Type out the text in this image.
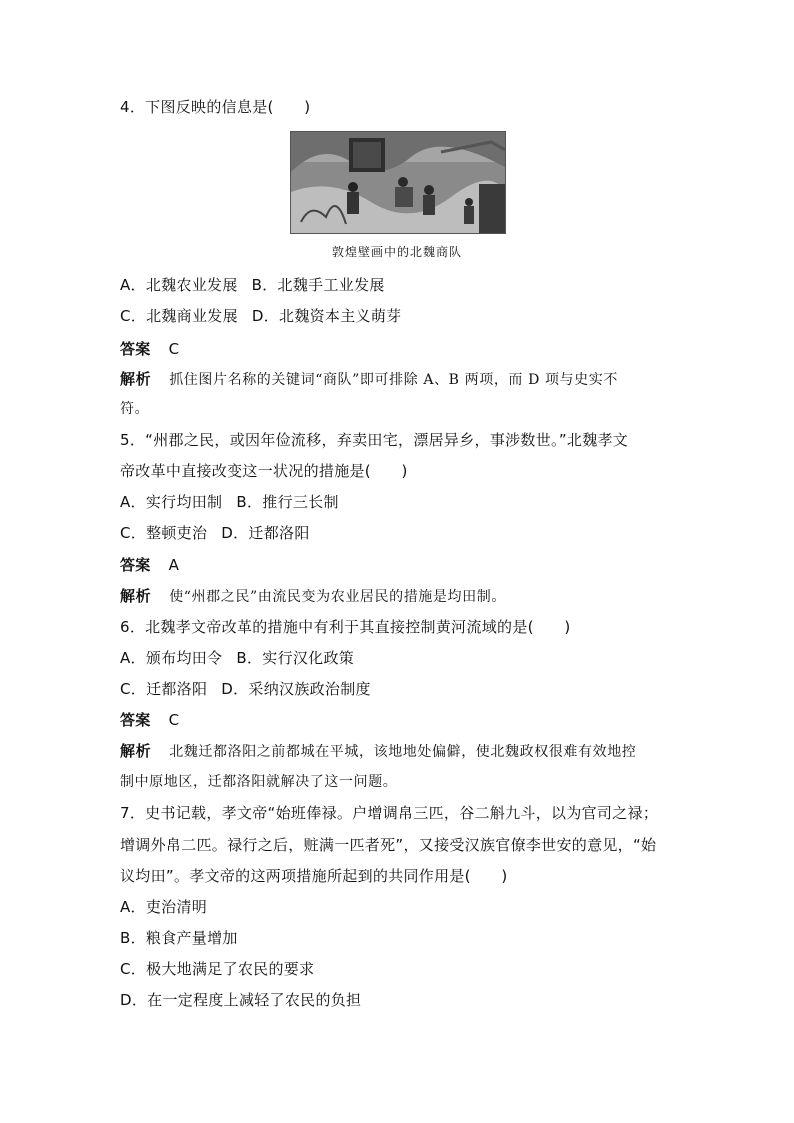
4．下图反映的信息是(　　)
敦煌壁画中的北魏商队
A．北魏农业发展 B．北魏手工业发展
C．北魏商业发展 D．北魏资本主义萌芽
答案 C
解析 抓住图片名称的关键词“商队”即可排除 A、B 两项，而 D 项与史实不
符。
5．“州郡之民，或因年俭流移，弃卖田宅，漂居异乡，事涉数世。”北魏孝文
帝改革中直接改变这一状况的措施是(　　)
A．实行均田制 B．推行三长制
C．整顿吏治 D．迁都洛阳
答案 A
解析 使“州郡之民”由流民变为农业居民的措施是均田制。
6．北魏孝文帝改革的措施中有利于其直接控制黄河流域的是(　　)
A．颁布均田令 B．实行汉化政策
C．迁都洛阳 D．采纳汉族政治制度
答案 C
解析 北魏迁都洛阳之前都城在平城，该地地处偏僻，使北魏政权很难有效地控
制中原地区，迁都洛阳就解决了这一问题。
7．史书记载，孝文帝“始班俸禄。户增调帛三匹，谷二斛九斗，以为官司之禄；
增调外帛二匹。禄行之后，赃满一匹者死”，又接受汉族官僚李世安的意见，“始
议均田”。孝文帝的这两项措施所起到的共同作用是(　　)
A．吏治清明
B．粮食产量增加
C．极大地满足了农民的要求
D．在一定程度上减轻了农民的负担
